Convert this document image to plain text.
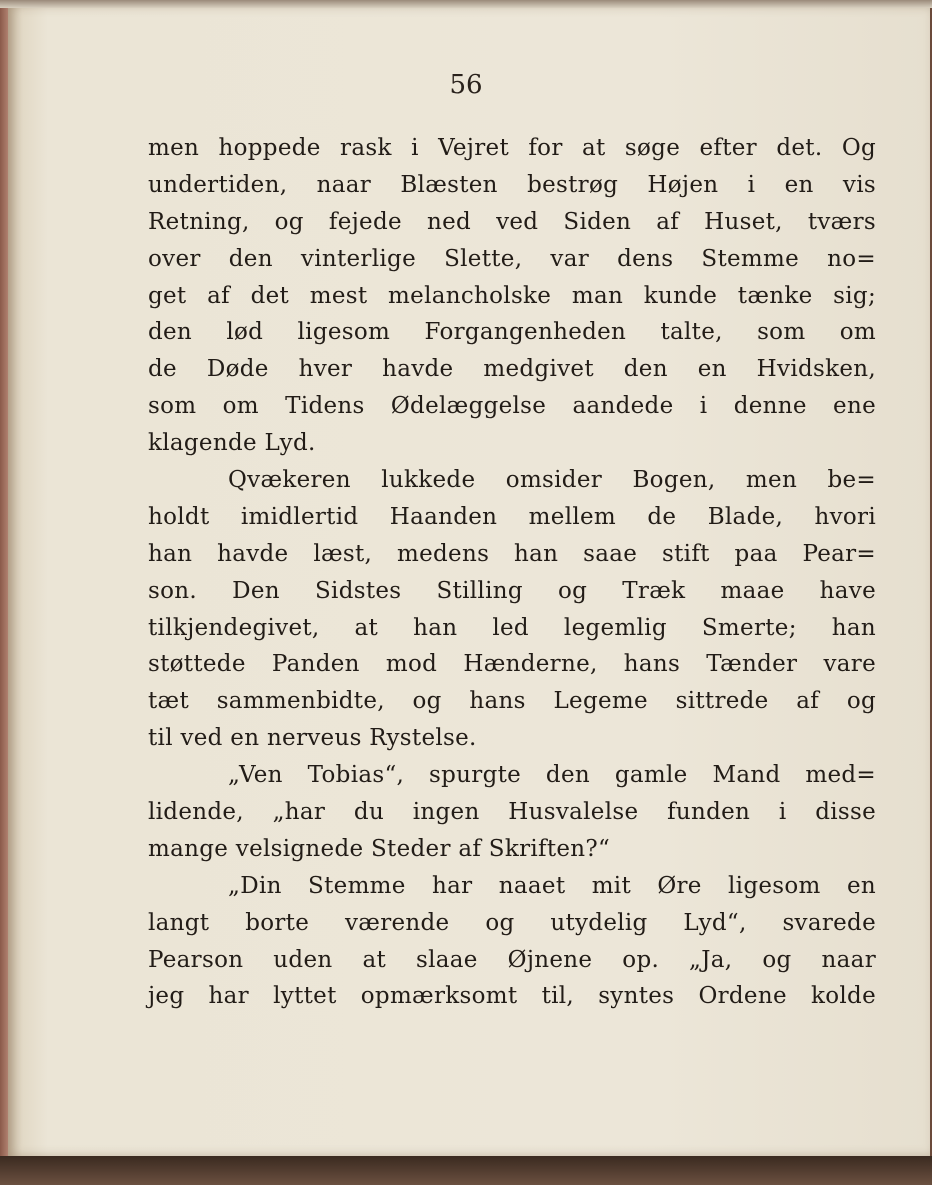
56
men hoppede rask i Vejret for at søge efter det. Og
undertiden, naar Blæsten bestrøg Højen i en vis
Retning, og fejede ned ved Siden af Huset, tværs
over den vinterlige Slette, var dens Stemme no=
get af det mest melancholske man kunde tænke sig;
den lød ligesom Forgangenheden talte, som om
de Døde hver havde medgivet den en Hvidsken,
som om Tidens Ødelæggelse aandede i denne ene
klagende Lyd.
Qvækeren lukkede omsider Bogen, men be=
holdt imidlertid Haanden mellem de Blade, hvori
han havde læst, medens han saae stift paa Pear=
son. Den Sidstes Stilling og Træk maae have
tilkjendegivet, at han led legemlig Smerte; han
støttede Panden mod Hænderne, hans Tænder vare
tæt sammenbidte, og hans Legeme sittrede af og
til ved en nerveus Rystelse.
„Ven Tobias“, spurgte den gamle Mand med=
lidende, „har du ingen Husvalelse funden i disse
mange velsignede Steder af Skriften?“
„Din Stemme har naaet mit Øre ligesom en
langt borte værende og utydelig Lyd“, svarede
Pearson uden at slaae Øjnene op. „Ja, og naar
jeg har lyttet opmærksomt til, syntes Ordene kolde
